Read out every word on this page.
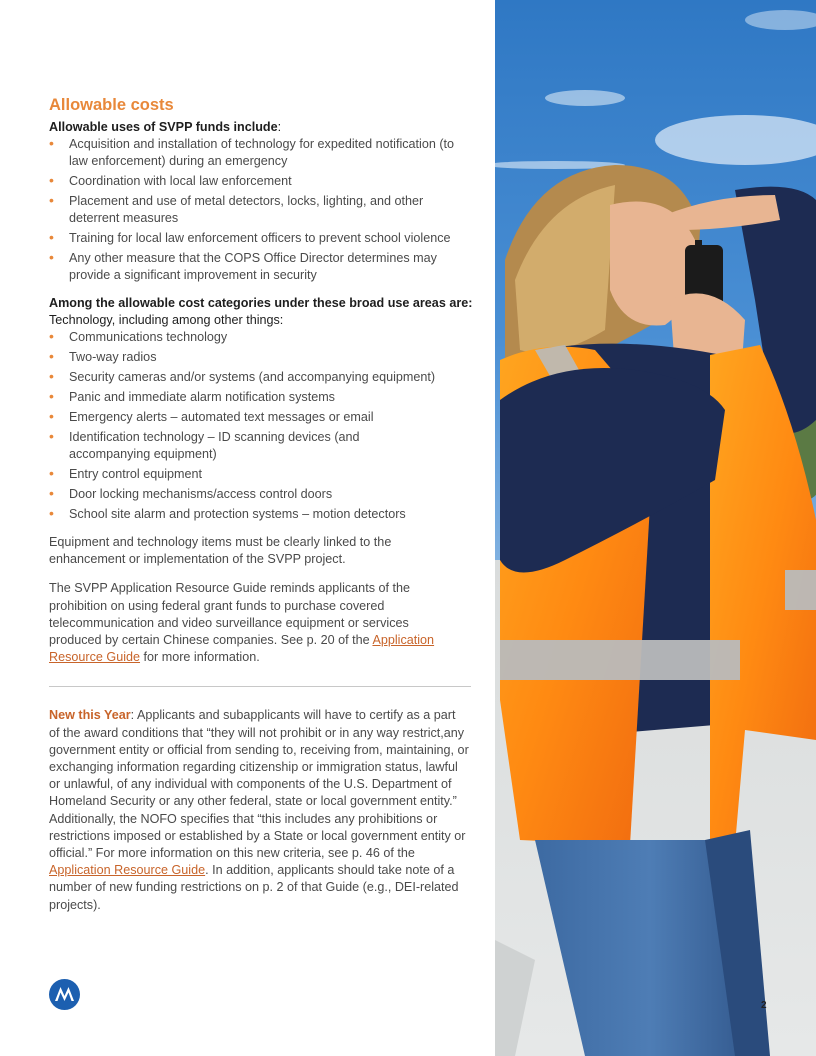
Allowable costs
Allowable uses of SVPP funds include:
• Acquisition and installation of technology for expedited notification (to law enforcement) during an emergency
• Coordination with local law enforcement
• Placement and use of metal detectors, locks, lighting, and other deterrent measures
• Training for local law enforcement officers to prevent school violence
• Any other measure that the COPS Office Director determines may provide a significant improvement in security
Among the allowable cost categories under these broad use areas are:
Technology, including among other things:
• Communications technology
• Two-way radios
• Security cameras and/or systems (and accompanying equipment)
• Panic and immediate alarm notification systems
• Emergency alerts – automated text messages or email
• Identification technology – ID scanning devices (and accompanying equipment)
• Entry control equipment
• Door locking mechanisms/access control doors
• School site alarm and protection systems – motion detectors

Equipment and technology items must be clearly linked to the enhancement or implementation of the SVPP project.

The SVPP Application Resource Guide reminds applicants of the prohibition on using federal grant funds to purchase covered telecommunication and video surveillance equipment or services produced by certain Chinese companies. See p. 20 of the Application Resource Guide for more information.

New this Year: Applicants and subapplicants will have to certify as a part of the award conditions that “they will not prohibit or in any way restrict,any government entity or official from sending to, receiving from, maintaining, or exchanging information regarding citizenship or immigration status, lawful or unlawful, of any individual with components of the U.S. Department of Homeland Security or any other federal, state or local government entity.” Additionally, the NOFO specifies that “this includes any prohibitions or restrictions imposed or established by a State or local government entity or official.” For more information on this new criteria, see p. 46 of the Application Resource Guide. In addition, applicants should take note of a number of new funding restrictions on p. 2 of that Guide (e.g., DEI-related projects).

2
